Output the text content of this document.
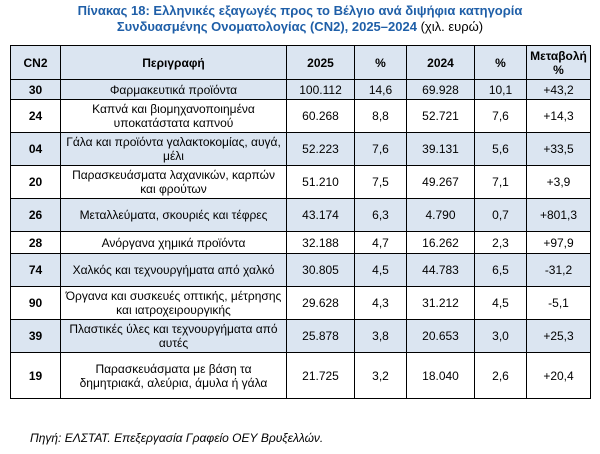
Πίνακας 18: Ελληνικές εξαγωγές προς το Βέλγιο ανά διψήφια κατηγορία
Συνδυασμένης Ονοματολογίας (CN2), 2025–2024 (χιλ. ευρώ)
CN2	Περιγραφή	2025	%	2024	%	Μεταβολή %
30	Φαρμακευτικά προϊόντα	100.112	14,6	69.928	10,1	+43,2
24	Καπνά και βιομηχανοποιημένα υποκατάστατα καπνού	60.268	8,8	52.721	7,6	+14,3
04	Γάλα και προϊόντα γαλακτοκομίας, αυγά, μέλι	52.223	7,6	39.131	5,6	+33,5
20	Παρασκευάσματα λαχανικών, καρπών και φρούτων	51.210	7,5	49.267	7,1	+3,9
26	Μεταλλεύματα, σκουριές και τέφρες	43.174	6,3	4.790	0,7	+801,3
28	Ανόργανα χημικά προϊόντα	32.188	4,7	16.262	2,3	+97,9
74	Χαλκός και τεχνουργήματα από χαλκό	30.805	4,5	44.783	6,5	-31,2
90	Όργανα και συσκευές οπτικής, μέτρησης και ιατροχειρουργικής	29.628	4,3	31.212	4,5	-5,1
39	Πλαστικές ύλες και τεχνουργήματα από αυτές	25.878	3,8	20.653	3,0	+25,3
19	Παρασκευάσματα με βάση τα δημητριακά, αλεύρια, άμυλα ή γάλα	21.725	3,2	18.040	2,6	+20,4
Πηγή: ΕΛΣΤΑΤ. Επεξεργασία Γραφείο ΟΕΥ Βρυξελλών.
